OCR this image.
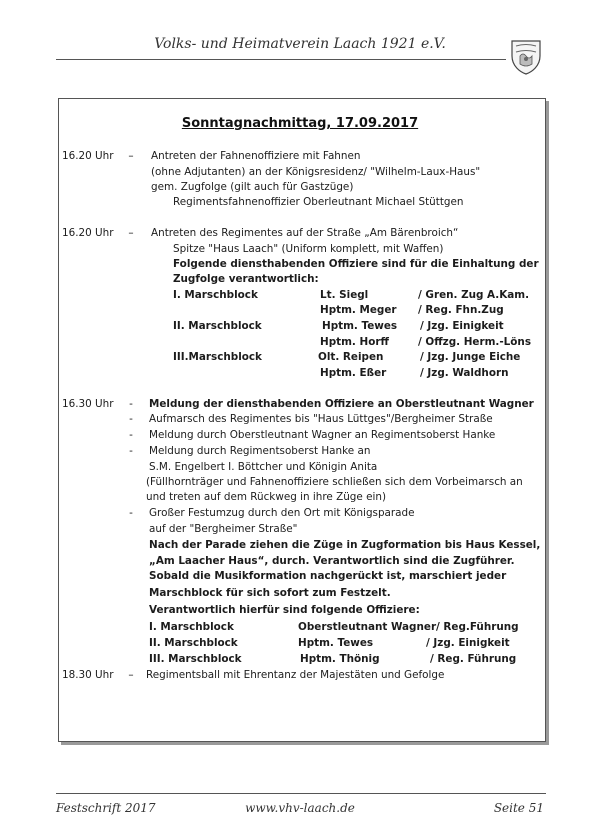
Volks- und Heimatverein Laach 1921 e.V.
Sonntagnachmittag, 17.09.2017
16.20 Uhr – Antreten der Fahnenoffiziere mit Fahnen
(ohne Adjutanten) an der Königsresidenz/ "Wilhelm-Laux-Haus"
gem. Zugfolge (gilt auch für Gastzüge)
Regimentsfahnenoffizier Oberleutnant Michael Stüttgen
16.20 Uhr – Antreten des Regimentes auf der Straße „Am Bärenbroich“
Spitze "Haus Laach" (Uniform komplett, mit Waffen)
Folgende diensthabenden Offiziere sind für die Einhaltung der
Zugfolge verantwortlich:
I. Marschblock	Lt. Siegl	/ Gren. Zug A.Kam.
Hptm. Meger / Reg. Fhn.Zug
II. Marschblock	Hptm. Tewes / Jzg. Einigkeit
Hptm. Horff	/ Offzg. Herm.-Löns
III.Marschblock	Olt. Reipen	/ Jzg. Junge Eiche
Hptm. Eßer	/ Jzg. Waldhorn
16.30 Uhr	-	Meldung der diensthabenden Offiziere an Oberstleutnant Wagner
-	Aufmarsch des Regimentes bis "Haus Lüttges"/Bergheimer Straße
-	Meldung durch Oberstleutnant Wagner an Regimentsoberst Hanke
-	Meldung durch Regimentsoberst Hanke an
S.M. Engelbert I. Böttcher und Königin Anita
(Füllhornträger und Fahnenoffiziere schließen sich dem Vorbeimarsch an
und treten auf dem Rückweg in ihre Züge ein)
-	Großer Festumzug durch den Ort mit Königsparade
auf der "Bergheimer Straße"
Nach der Parade ziehen die Züge in Zugformation bis Haus Kessel,
„Am Laacher Haus“, durch. Verantwortlich sind die Zugführer.
Sobald die Musikformation nachgerückt ist, marschiert jeder
Marschblock für sich sofort zum Festzelt.
Verantwortlich hierfür sind folgende Offiziere:
I. Marschblock	Oberstleutnant Wagner / Reg.Führung
II. Marschblock	Hptm. Tewes	/ Jzg. Einigkeit
III. Marschblock	Hptm. Thönig	/ Reg. Führung
18.30 Uhr – Regimentsball mit Ehrentanz der Majestäten und Gefolge
Festschrift 2017	www.vhv-laach.de	Seite 51
